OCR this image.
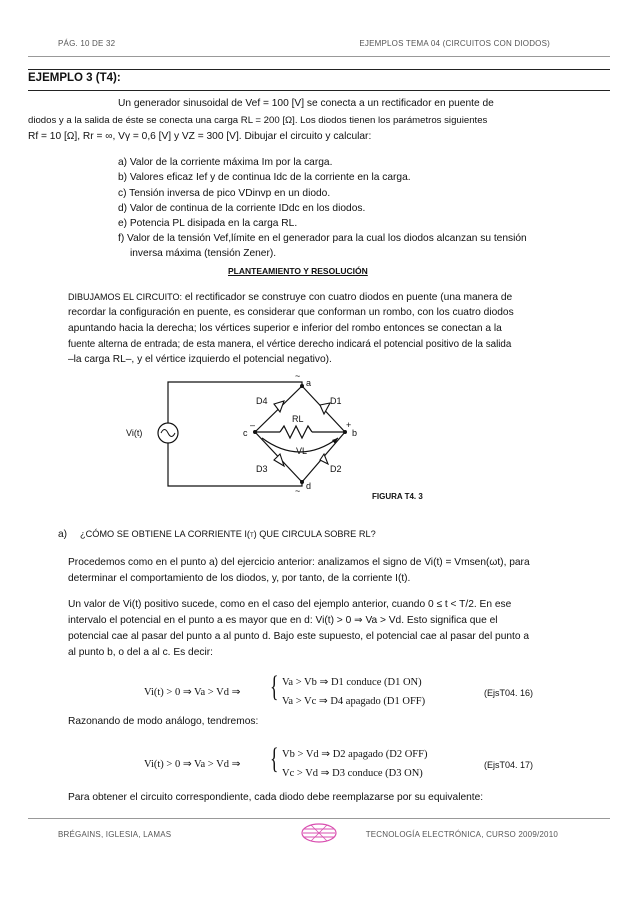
PÁG. 10 DE 32	EJEMPLOS TEMA 04 (CIRCUITOS CON DIODOS)
EJEMPLO 3 (T4):
Un generador sinusoidal de Vef = 100 [V] se conecta a un rectificador en puente de
diodos y a la salida de éste se conecta una carga RL = 200 [Ω]. Los diodos tienen los parámetros siguientes
Rf = 10 [Ω], Rr = ∞, Vγ = 0,6 [V] y VZ = 300 [V]. Dibujar el circuito y calcular:
a) Valor de la corriente máxima Im por la carga.
b) Valores eficaz Ief y de continua Idc de la corriente en la carga.
c) Tensión inversa de pico VDinvp en un diodo.
d) Valor de continua de la corriente IDdc en los diodos.
e) Potencia PL disipada en la carga RL.
f) Valor de la tensión Vef,límite en el generador para la cual los diodos alcanzan su tensión
inversa máxima (tensión Zener).
PLANTEAMIENTO Y RESOLUCIÓN
DIBUJAMOS EL CIRCUITO: el rectificador se construye con cuatro diodos en puente (una manera de
recordar la configuración en puente, es considerar que conforman un rombo, con los cuatro diodos
apuntando hacia la derecha; los vértices superior e inferior del rombo entonces se conectan a la
fuente alterna de entrada; de esta manera, el vértice derecho indicará el potencial positivo de la salida
–la carga RL–, y el vértice izquierdo el potencial negativo).
~
a
b
c
d
~
+
–
D4	D1
D3	D2
RL
VL
Vi(t)
FIGURA T4. 3
a) ¿CÓMO SE OBTIENE LA CORRIENTE I(t) QUE CIRCULA SOBRE RL?
Procedemos como en el punto a) del ejercicio anterior: analizamos el signo de Vi(t) = Vmsen(ωt), para
determinar el comportamiento de los diodos, y, por tanto, de la corriente I(t).
Un valor de Vi(t) positivo sucede, como en el caso del ejemplo anterior, cuando 0 ≤ t < T/2. En ese
intervalo el potencial en el punto a es mayor que en d: Vi(t) > 0 ⇒ Va > Vd. Esto significa que el
potencial cae al pasar del punto a al punto d. Bajo este supuesto, el potencial cae al pasar del punto a
al punto b, o del a al c. Es decir:
Vi(t) > 0 ⇒ Va > Vd ⇒ { Va > Vb ⇒ D1 conduce (D1 ON)
Va > Vc ⇒ D4 apagado (D1 OFF)
(EjsT04. 16)
Razonando de modo análogo, tendremos:
Vi(t) > 0 ⇒ Va > Vd ⇒ { Vb > Vd ⇒ D2 apagado (D2 OFF)
Vc > Vd ⇒ D3 conduce (D3 ON)
(EjsT04. 17)
Para obtener el circuito correspondiente, cada diodo debe reemplazarse por su equivalente:
BRÉGAINS, IGLESIA, LAMAS	TECNOLOGÍA ELECTRÓNICA, CURSO 2009/2010
